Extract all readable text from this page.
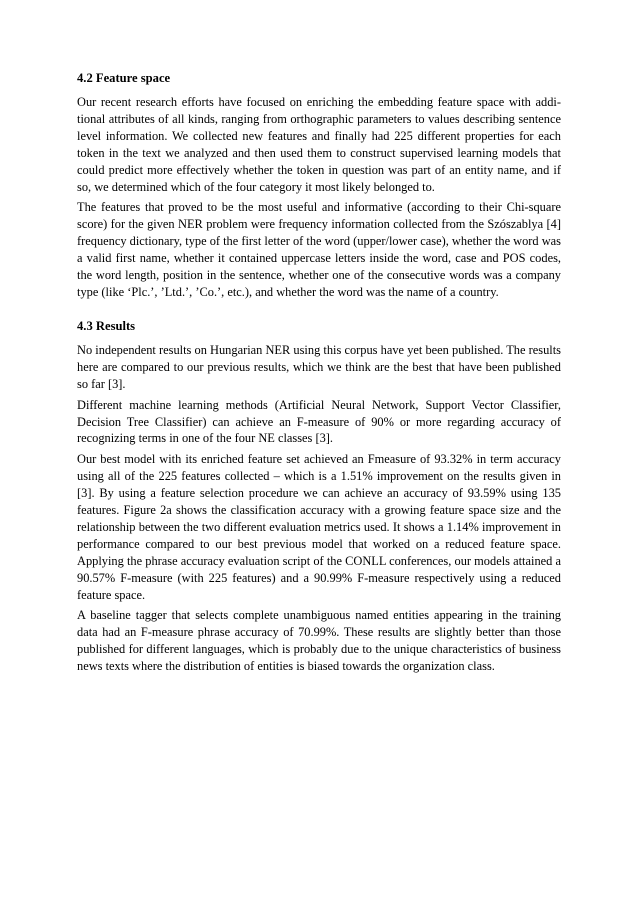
4.2 Feature space

Our recent research efforts have focused on enriching the embedding feature space with additional attributes of all kinds, ranging from orthographic parameters to values describing sentence level information. We collected new features and finally had 225 different properties for each token in the text we analyzed and then used them to construct supervised learning models that could predict more effectively whether the token in question was part of an entity name, and if so, we determined which of the four category it most likely belonged to.

The features that proved to be the most useful and informative (according to their Chi-square score) for the given NER problem were frequency information collected from the Szószablya [4] frequency dictionary, type of the first letter of the word (upper/lower case), whether the word was a valid first name, whether it contained uppercase letters inside the word, case and POS codes, the word length, position in the sentence, whether one of the consecutive words was a company type (like ‘Plc.’, ’Ltd.’, ’Co.’, etc.), and whether the word was the name of a country.

4.3 Results

No independent results on Hungarian NER using this corpus have yet been published. The results here are compared to our previous results, which we think are the best that have been published so far [3].

Different machine learning methods (Artificial Neural Network, Support Vector Classifier, Decision Tree Classifier) can achieve an F-measure of 90% or more regarding accuracy of recognizing terms in one of the four NE classes [3].

Our best model with its enriched feature set achieved an Fmeasure of 93.32% in term accuracy using all of the 225 features collected – which is a 1.51% improvement on the results given in [3]. By using a feature selection procedure we can achieve an accuracy of 93.59% using 135 features. Figure 2a shows the classification accuracy with a growing feature space size and the relationship between the two different evaluation metrics used. It shows a 1.14% improvement in performance compared to our best previous model that worked on a reduced feature space. Applying the phrase accuracy evaluation script of the CONLL conferences, our models attained a 90.57% F-measure (with 225 features) and a 90.99% F-measure respectively using a reduced feature space.

A baseline tagger that selects complete unambiguous named entities appearing in the training data had an F-measure phrase accuracy of 70.99%. These results are slightly better than those published for different languages, which is probably due to the unique characteristics of business news texts where the distribution of entities is biased towards the organization class.
